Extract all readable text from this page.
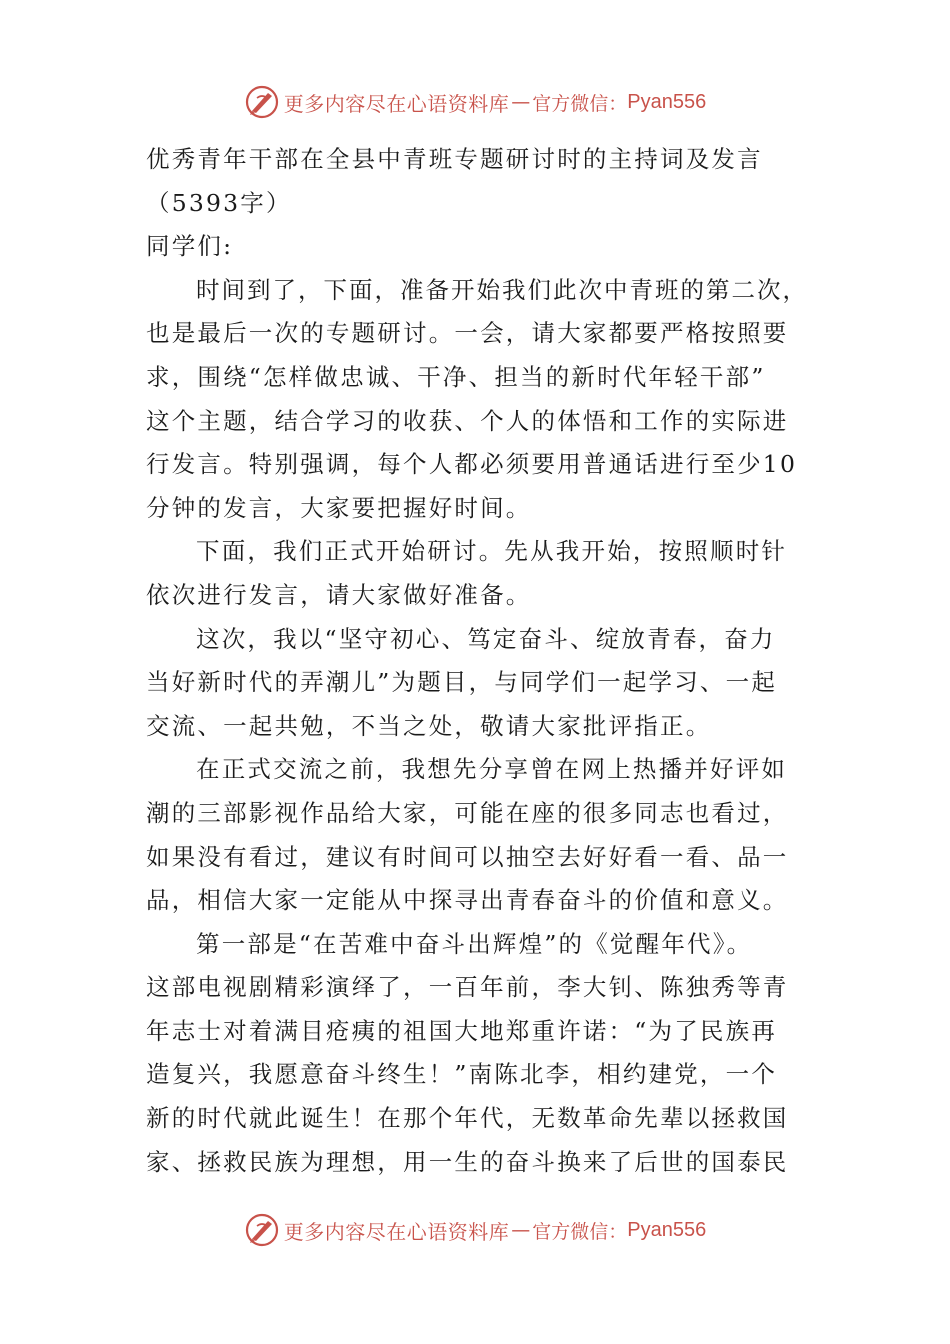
更多内容尽在心语资料库 — 官方微信： Pyan556
优秀青年干部在全县中青班专题研讨时的主持词及发言
（5393字）
同学们:
时间到了，下面，准备开始我们此次中青班的第二次，
也是最后一次的专题研讨。一会，请大家都要严格按照要
求，围绕“怎样做忠诚、干净、担当的新时代年轻干部”
这个主题，结合学习的收获、个人的体悟和工作的实际进
行发言。特别强调，每个人都必须要用普通话进行至少10
分钟的发言，大家要把握好时间。
下面，我们正式开始研讨。先从我开始，按照顺时针
依次进行发言，请大家做好准备。
这次，我以“坚守初心、笃定奋斗、绽放青春，奋力
当好新时代的弄潮儿”为题目，与同学们一起学习、一起
交流、一起共勉，不当之处，敬请大家批评指正。
在正式交流之前，我想先分享曾在网上热播并好评如
潮的三部影视作品给大家，可能在座的很多同志也看过，
如果没有看过，建议有时间可以抽空去好好看一看、品一
品，相信大家一定能从中探寻出青春奋斗的价值和意义。
第一部是“在苦难中奋斗出辉煌”的《觉醒年代》。
这部电视剧精彩演绎了，一百年前，李大钊、陈独秀等青
年志士对着满目疮痍的祖国大地郑重许诺：“为了民族再
造复兴，我愿意奋斗终生！”南陈北李，相约建党，一个
新的时代就此诞生！在那个年代，无数革命先辈以拯救国
家、拯救民族为理想，用一生的奋斗换来了后世的国泰民
更多内容尽在心语资料库 — 官方微信： Pyan556
